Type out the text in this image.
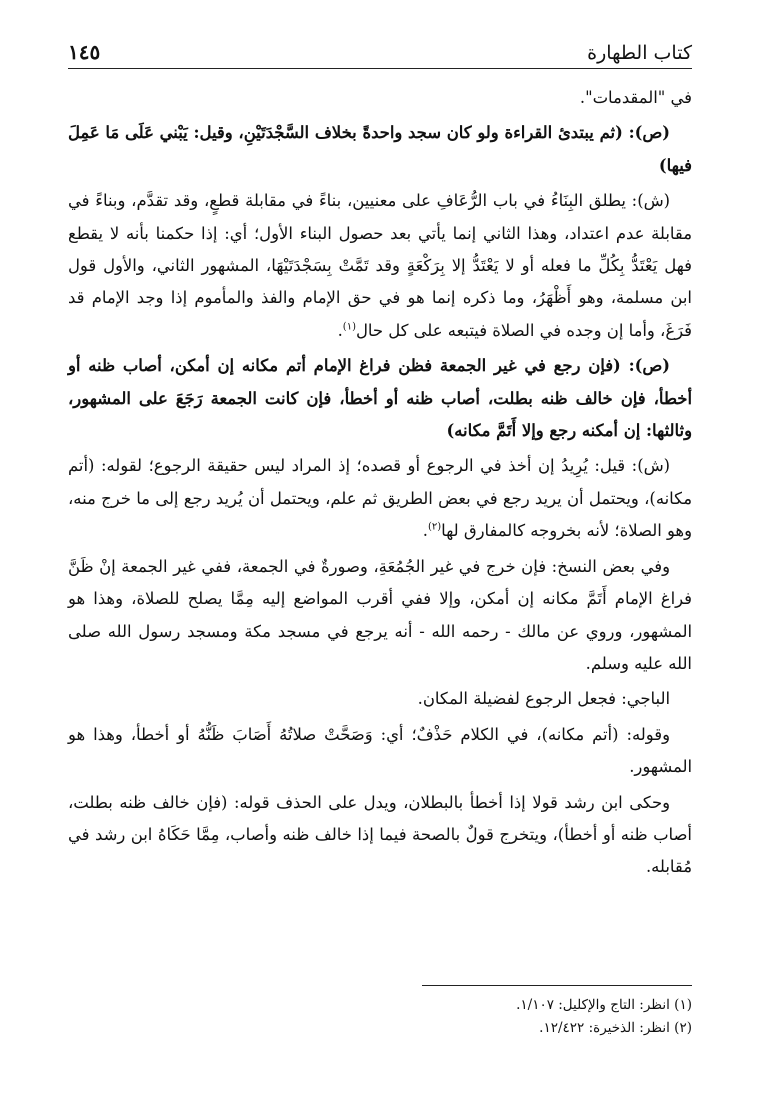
١٤٥	كتاب الطهارة

في "المقدمات".

(ص): (ثم يبتدئ القراءة ولو كان سجد واحدةً بخلاف السَّجْدَتَيْنِ، وقيل: يَبْني عَلَى مَا عَمِلَ فيها)

(ش): يطلق البِنَاءُ في باب الرُّعَافِ على معنيين، بناءً في مقابلة قطعٍ، وقد تقدَّم، وبناءً في مقابلة عدم اعتداد، وهذا الثاني إنما يأتي بعد حصول البناء الأول؛ أي: إذا حكمنا بأنه لا يقطع فهل يَعْتَدُّ بِكُلِّ ما فعله أو لا يَعْتَدُّ إلا بِرَكْعَةٍ وقد تَمَّتْ بِسَجْدَتَيْهَا، المشهور الثاني، والأول قول ابن مسلمة، وهو أَظْهَرُ، وما ذكره إنما هو في حق الإمام والفذ والمأموم إذا وجد الإمام قد فَرَغَ، وأما إن وجده في الصلاة فيتبعه على كل حال$^{(١)}$.

(ص): (فإن رجع في غير الجمعة فظن فراغ الإمام أتم مكانه إن أمكن، أصاب ظنه أو أخطأ، فإن خالف ظنه بطلت، أصاب ظنه أو أخطأ، فإن كانت الجمعة رَجَعَ على المشهور، وثالثها: إن أمكنه رجع وإلا أَتَمَّ مكانه)

(ش): قيل: يُرِيدُ إن أخذ في الرجوع أو قصده؛ إذ المراد ليس حقيقة الرجوع؛ لقوله: (أتم مكانه)، ويحتمل أن يريد رجع في بعض الطريق ثم علم، ويحتمل أن يُريد رجع إلى ما خرج منه، وهو الصلاة؛ لأنه بخروجه كالمفارق لها$^{(٢)}$.

وفي بعض النسخ: فإن خرج في غير الجُمُعَةِ، وصورةٌ في الجمعة، ففي غير الجمعة إنْ ظَنَّ فراغ الإمام أَتَمَّ مكانه إن أمكن، وإلا ففي أقرب المواضع إليه مِمَّا يصلح للصلاة، وهذا هو المشهور، وروي عن مالك - رحمه الله - أنه يرجع في مسجد مكة ومسجد رسول الله صلى الله عليه وسلم.

الباجي: فجعل الرجوع لفضيلة المكان.

وقوله: (أتم مكانه)، في الكلام حَذْفٌ؛ أي: وَصَحَّتْ صلاتُهُ أَصَابَ ظَنُّهُ أو أخطأ، وهذا هو المشهور.

وحكى ابن رشد قولا إذا أخطأ بالبطلان، ويدل على الحذف قوله: (فإن خالف ظنه بطلت، أصاب ظنه أو أخطأ)، ويتخرج قولٌ بالصحة فيما إذا خالف ظنه وأصاب، مِمَّا حَكَاهُ ابن رشد في مُقابله.

(١) انظر: التاج والإكليل: ١/١٠٧.
(٢) انظر: الذخيرة: ١٢/٤٢٢.
